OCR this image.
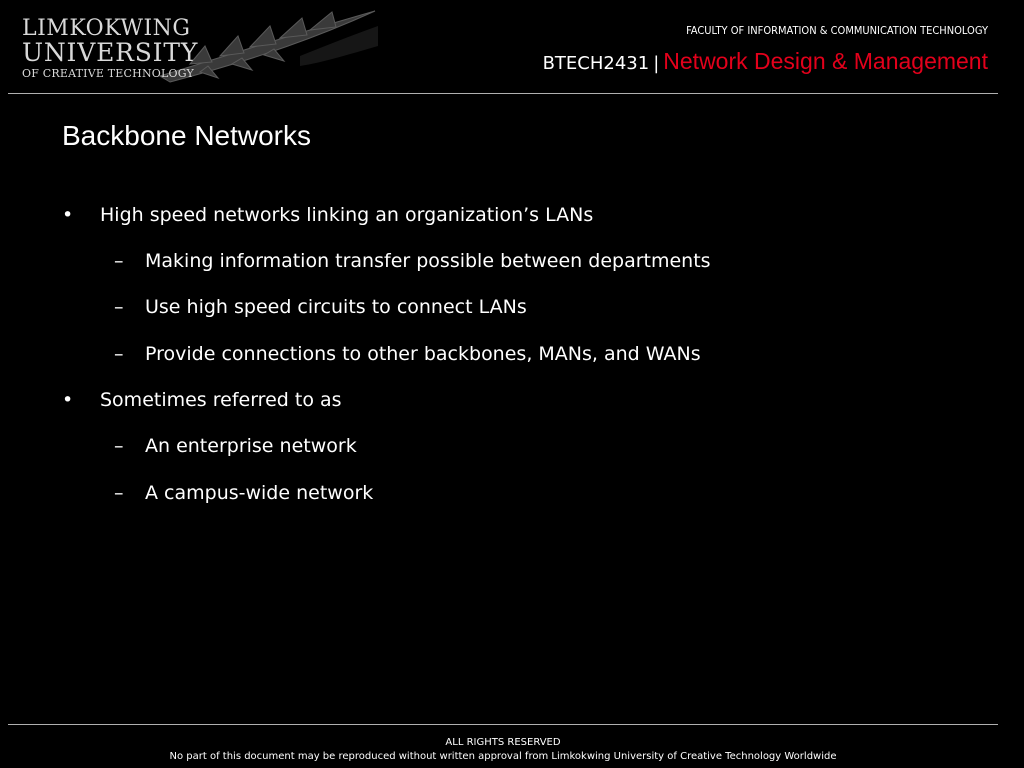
LIMKOKWING
UNIVERSITY
OF CREATIVE TECHNOLOGY
FACULTY OF INFORMATION & COMMUNICATION TECHNOLOGY
BTECH2431 | Network Design & Management
Backbone Networks
• High speed networks linking an organization’s LANs
– Making information transfer possible between departments
– Use high speed circuits to connect LANs
– Provide connections to other backbones, MANs, and WANs
• Sometimes referred to as
– An enterprise network
– A campus-wide network
ALL RIGHTS RESERVED
No part of this document may be reproduced without written approval from Limkokwing University of Creative Technology Worldwide
